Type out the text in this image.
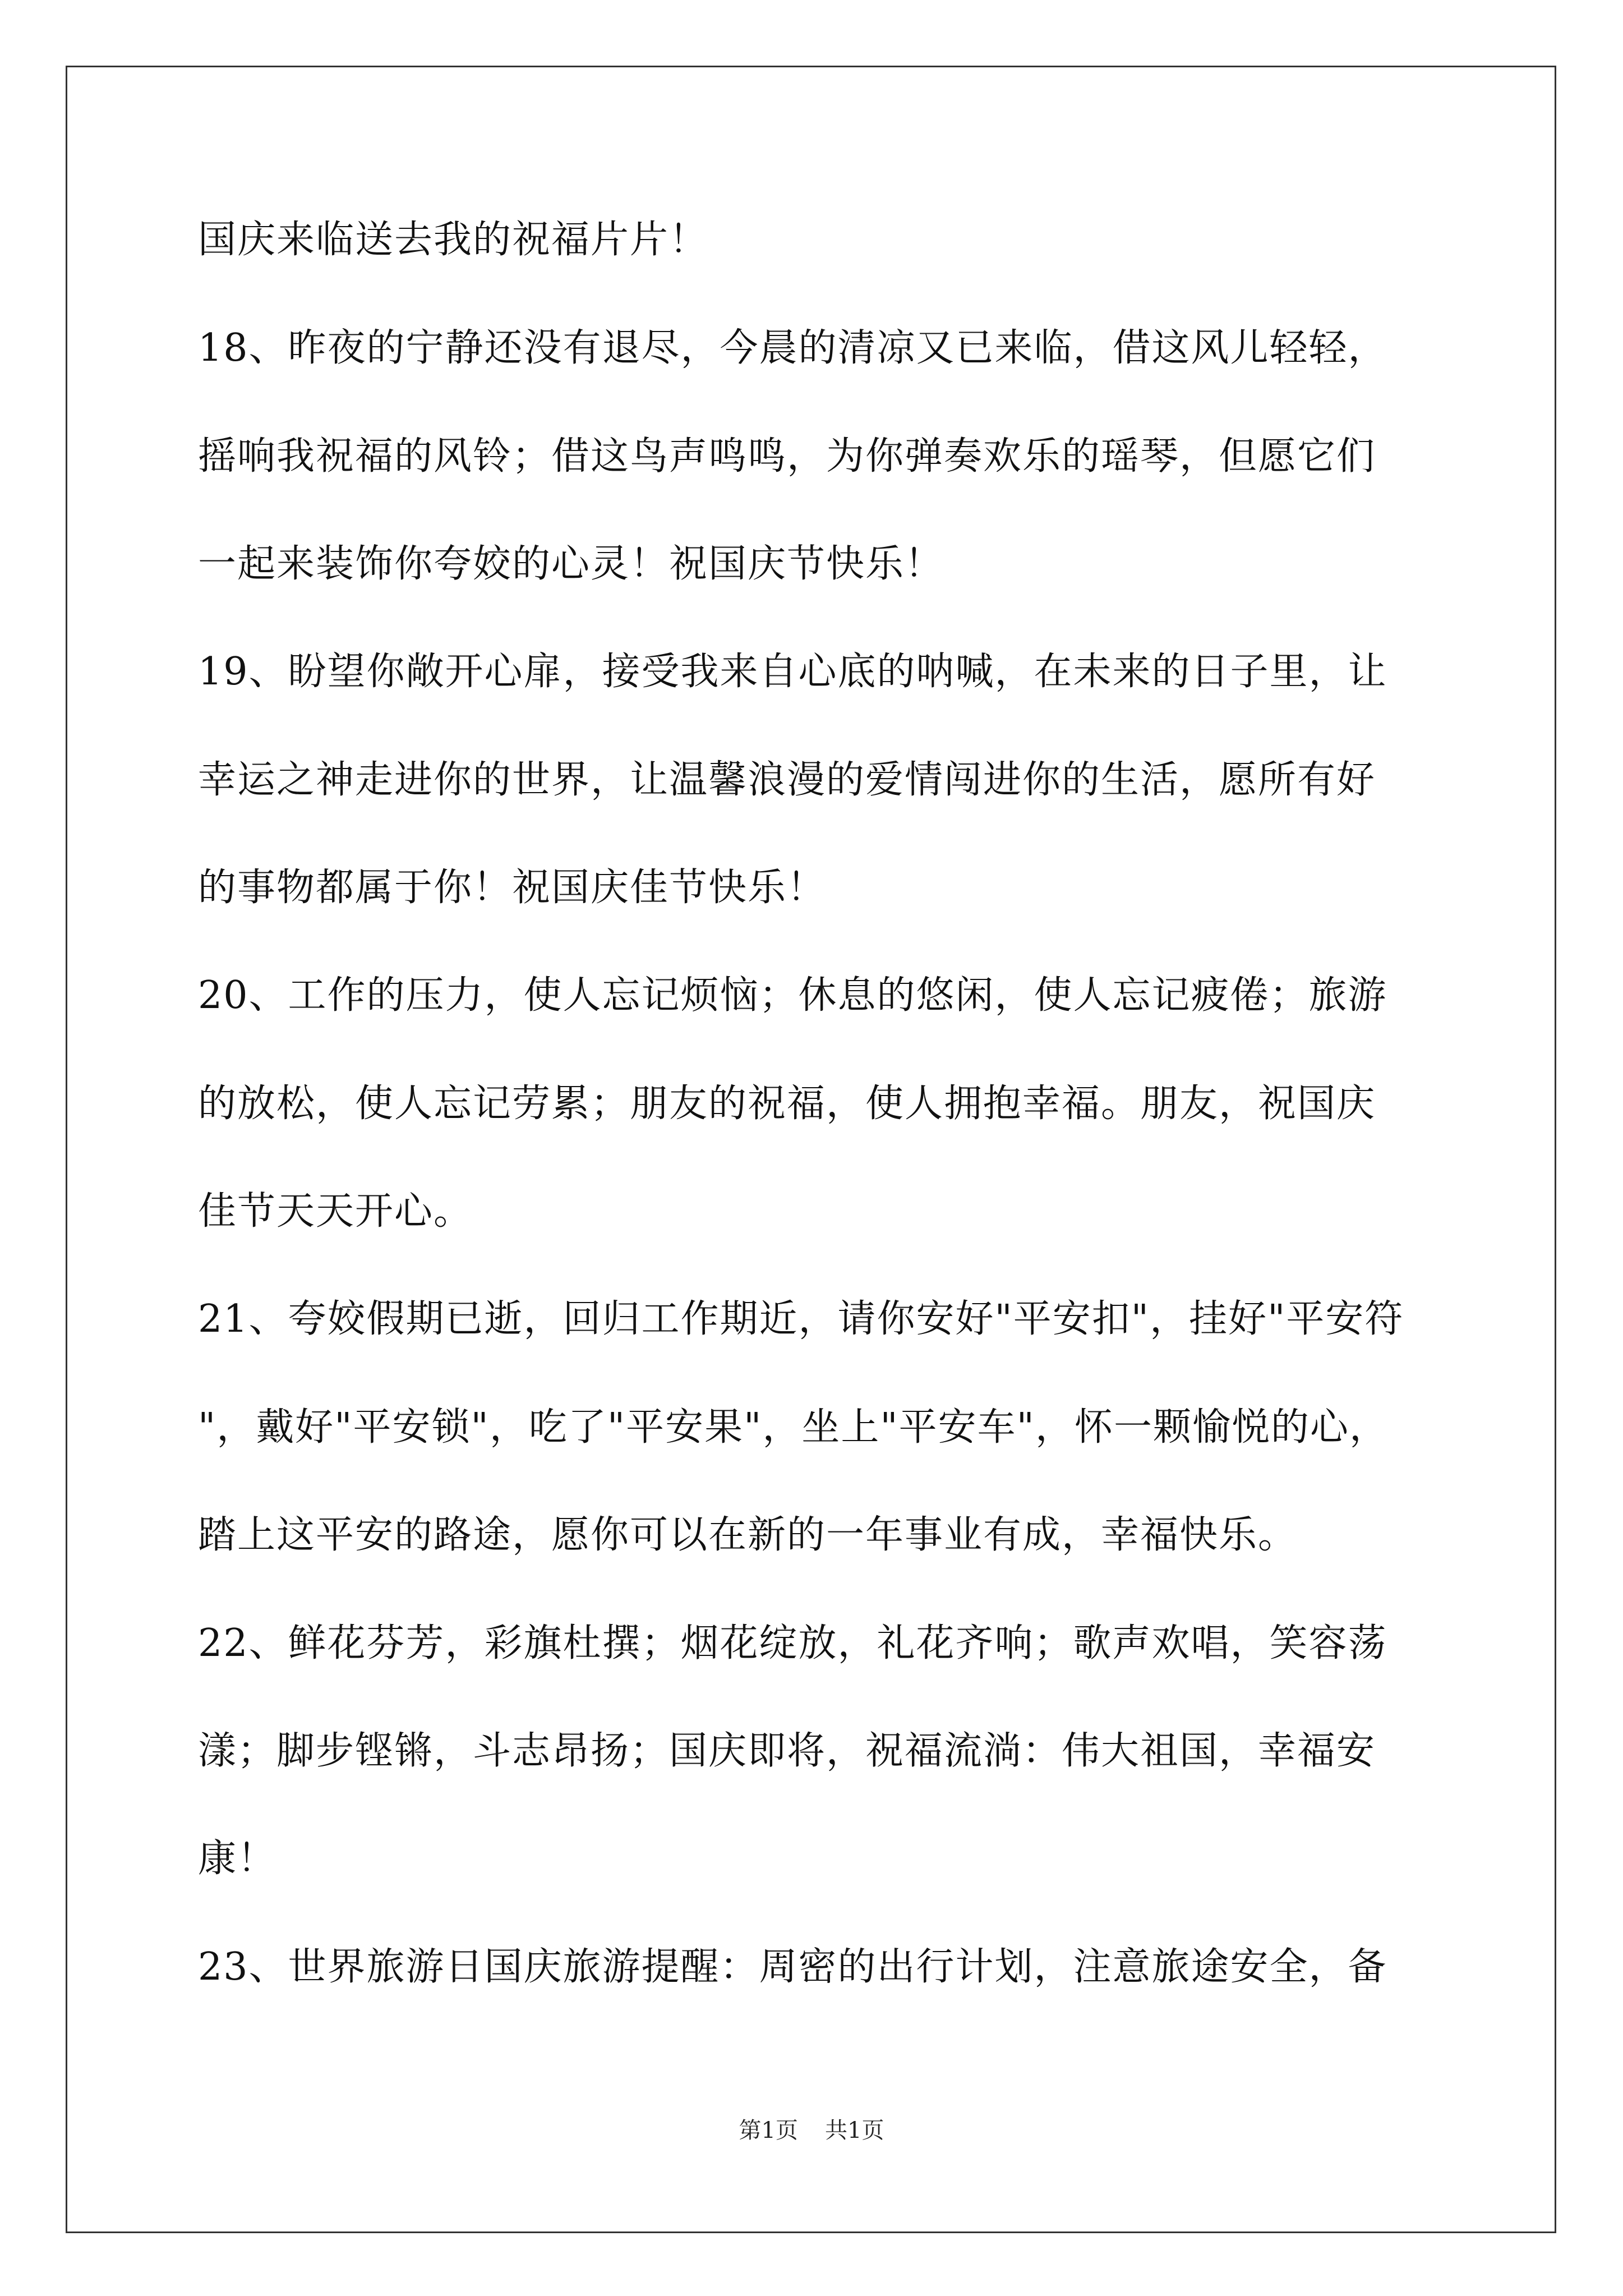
国庆来临送去我的祝福片片！
18、昨夜的宁静还没有退尽，今晨的清凉又已来临，借这风儿轻轻，
摇响我祝福的风铃；借这鸟声鸣鸣，为你弹奏欢乐的瑶琴，但愿它们
一起来装饰你夸姣的心灵！祝国庆节快乐！
19、盼望你敞开心扉，接受我来自心底的呐喊，在未来的日子里，让
幸运之神走进你的世界，让温馨浪漫的爱情闯进你的生活，愿所有好
的事物都属于你！祝国庆佳节快乐！
20、工作的压力，使人忘记烦恼；休息的悠闲，使人忘记疲倦；旅游
的放松，使人忘记劳累；朋友的祝福，使人拥抱幸福。朋友，祝国庆
佳节天天开心。
21、夸姣假期已逝，回归工作期近，请你安好"平安扣"，挂好"平安符
"，戴好"平安锁"，吃了"平安果"，坐上"平安车"，怀一颗愉悦的心，
踏上这平安的路途，愿你可以在新的一年事业有成，幸福快乐。
22、鲜花芬芳，彩旗杜撰；烟花绽放，礼花齐响；歌声欢唱，笑容荡
漾；脚步铿锵，斗志昂扬；国庆即将，祝福流淌：伟大祖国，幸福安
康！
23、世界旅游日国庆旅游提醒：周密的出行计划，注意旅途安全，备
第1页 共1页
